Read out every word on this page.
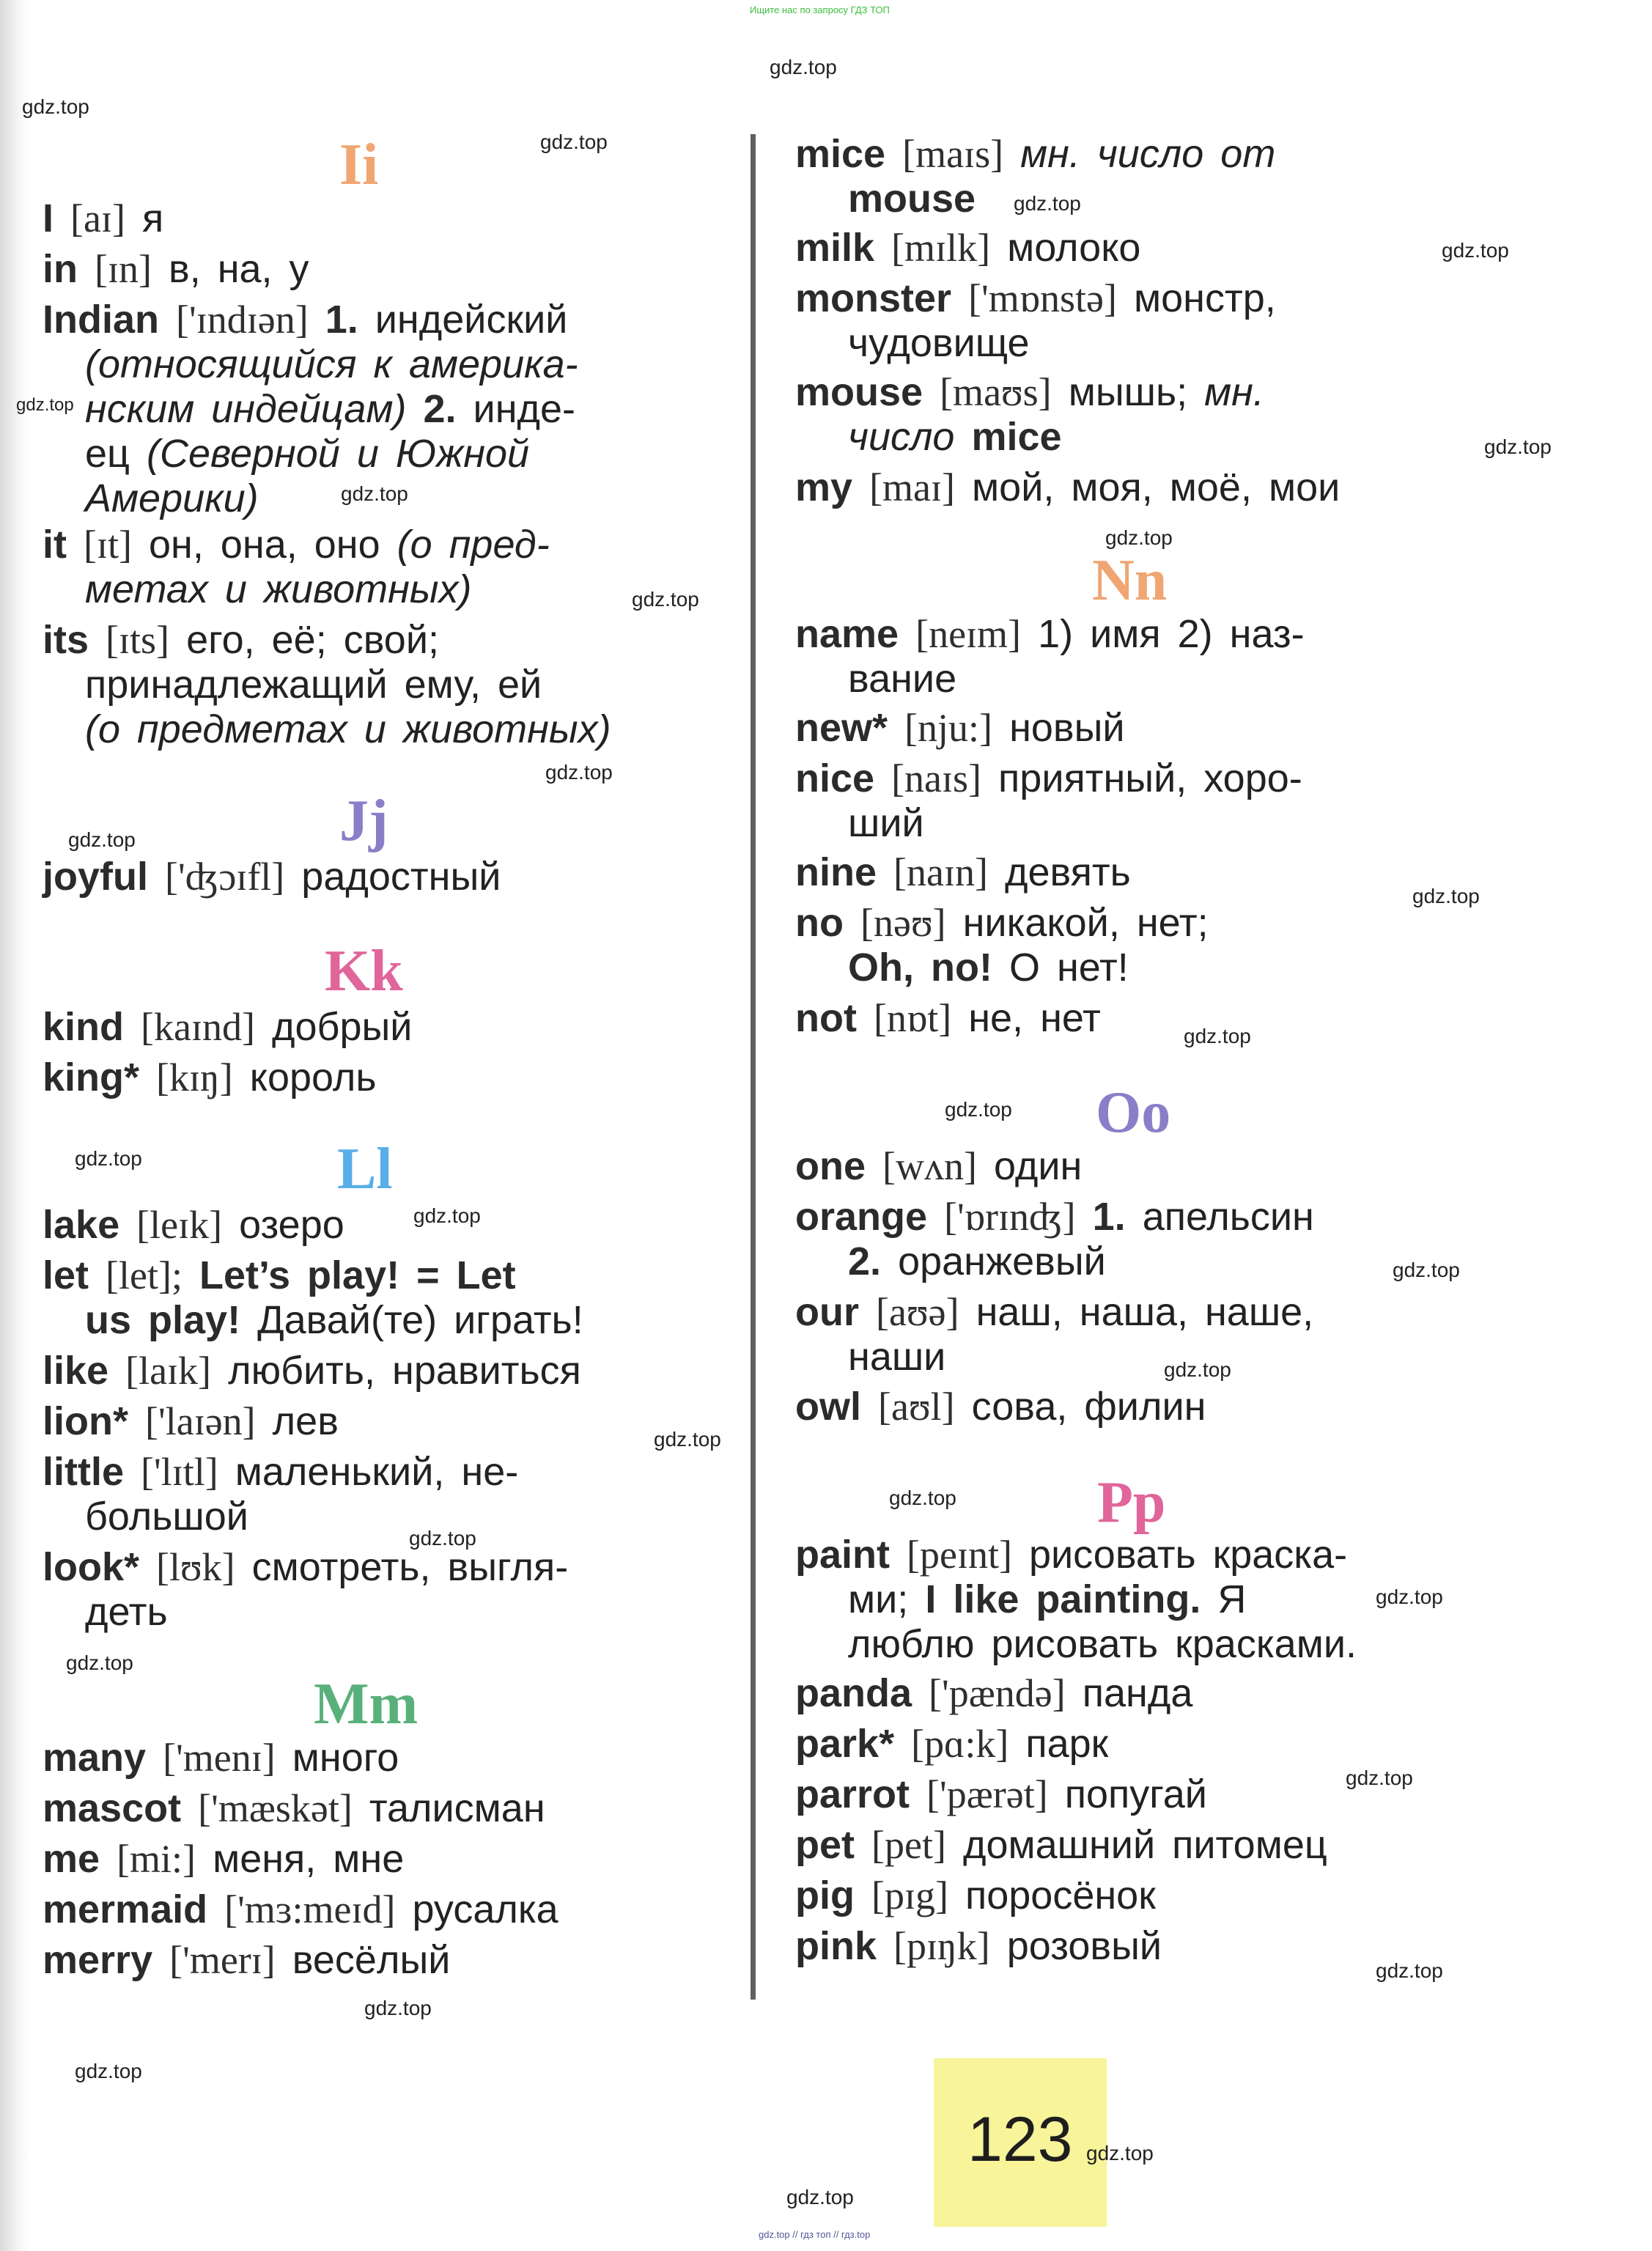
Ищите нас по запросу ГДЗ ТОП
Ii
I [aɪ] я
in [ɪn] в, на, у
Indian ['ɪndɪən] 1. индейский
(относящийся к америка-
нским индейцам) 2. инде-
ец (Северной и Южной
Америки)
it [ɪt] он, она, оно (о пред-
метах и животных)
its [ɪts] его, её; свой;
принадлежащий ему, ей
(о предметах и животных)
Jj
joyful ['ʤɔɪfl] радостный
Kk
kind [kaɪnd] добрый
king* [kɪŋ] король
Ll
lake [leɪk] озеро
let [let]; Let’s play! = Let
us play! Давай(те) играть!
like [laɪk] любить, нравиться
lion* ['laɪən] лев
little ['lɪtl] маленький, не-
большой
look* [lʊk] смотреть, выгля-
деть
Mm
many ['menɪ] много
mascot ['mæskət] талисман
me [mi:] меня, мне
mermaid ['mɜ:meɪd] русалка
merry ['merɪ] весёлый
mice [maɪs] мн. число от
mouse
milk [mɪlk] молоко
monster ['mɒnstə] монстр,
чудовище
mouse [maʊs] мышь; мн.
число mice
my [maɪ] мой, моя, моё, мои
Nn
name [neɪm] 1) имя 2) наз-
вание
new* [nju:] новый
nice [naɪs] приятный, хоро-
ший
nine [naɪn] девять
no [nəʊ] никакой, нет;
Oh, no! О нет!
not [nɒt] не, нет
Oo
one [wʌn] один
orange ['ɒrɪnʤ] 1. апельсин
2. оранжевый
our [aʊə] наш, наша, наше,
наши
owl [aʊl] сова, филин
Pp
paint [peɪnt] рисовать краска-
ми; I like painting. Я
люблю рисовать красками.
panda ['pændə] панда
park* [pɑ:k] парк
parrot ['pærət] попугай
pet [pet] домашний питомец
pig [pɪg] поросёнок
pink [pɪŋk] розовый
123
gdz.top
gdz.top
gdz.top
gdz.top
gdz.top
gdz.top
gdz.top
gdz.top
gdz.top
gdz.top
gdz.top
gdz.top
gdz.top
gdz.top
gdz.top
gdz.top
gdz.top
gdz.top
gdz.top
gdz.top
gdz.top
gdz.top
gdz.top
gdz.top
gdz.top
gdz.top
gdz.top
gdz.top
gdz.top
gdz.top
gdz.top // гдз топ // гдз.top
